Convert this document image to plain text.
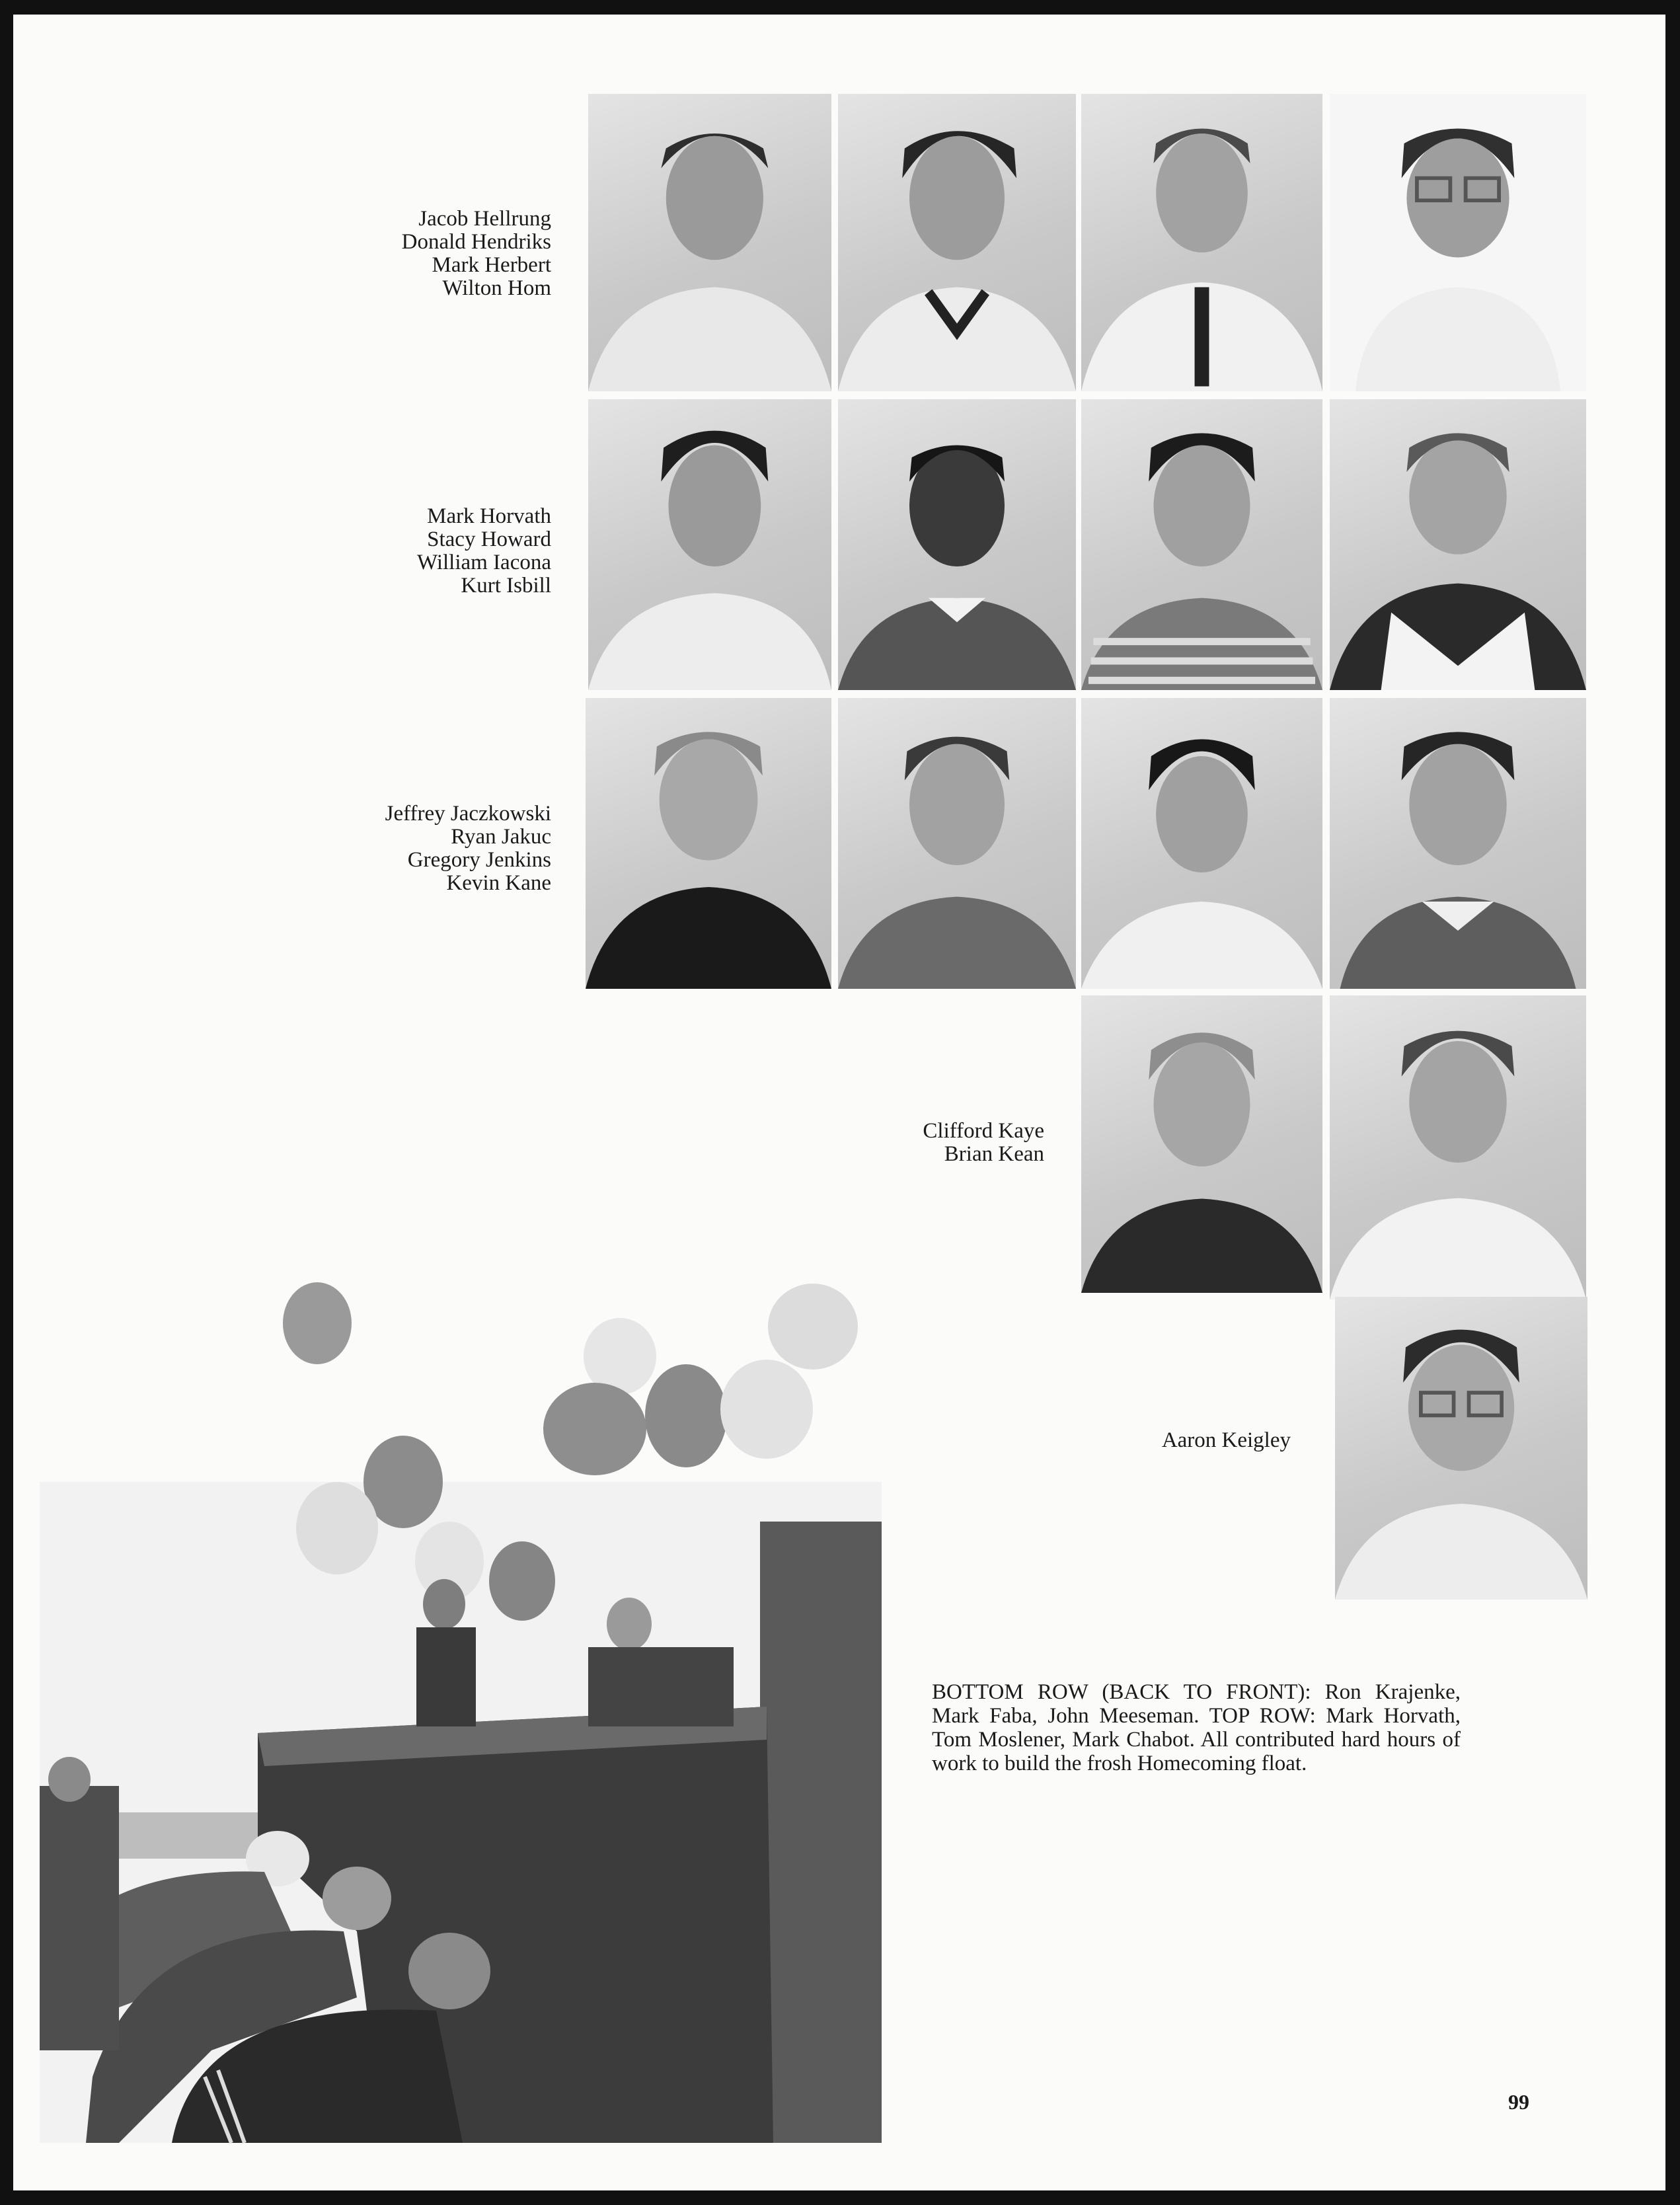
Jacob Hellrung
Donald Hendriks
Mark Herbert
Wilton Hom
Mark Horvath
Stacy Howard
William Iacona
Kurt Isbill
Jeffrey Jaczkowski
Ryan Jakuc
Gregory Jenkins
Kevin Kane
Clifford Kaye
Brian Kean
Aaron Keigley
BOTTOM ROW (BACK TO FRONT): Ron Krajenke, Mark Faba, John Meeseman. TOP ROW: Mark Horvath, Tom Moslener, Mark Chabot. All contributed hard hours of work to build the frosh Homecoming float.
99
